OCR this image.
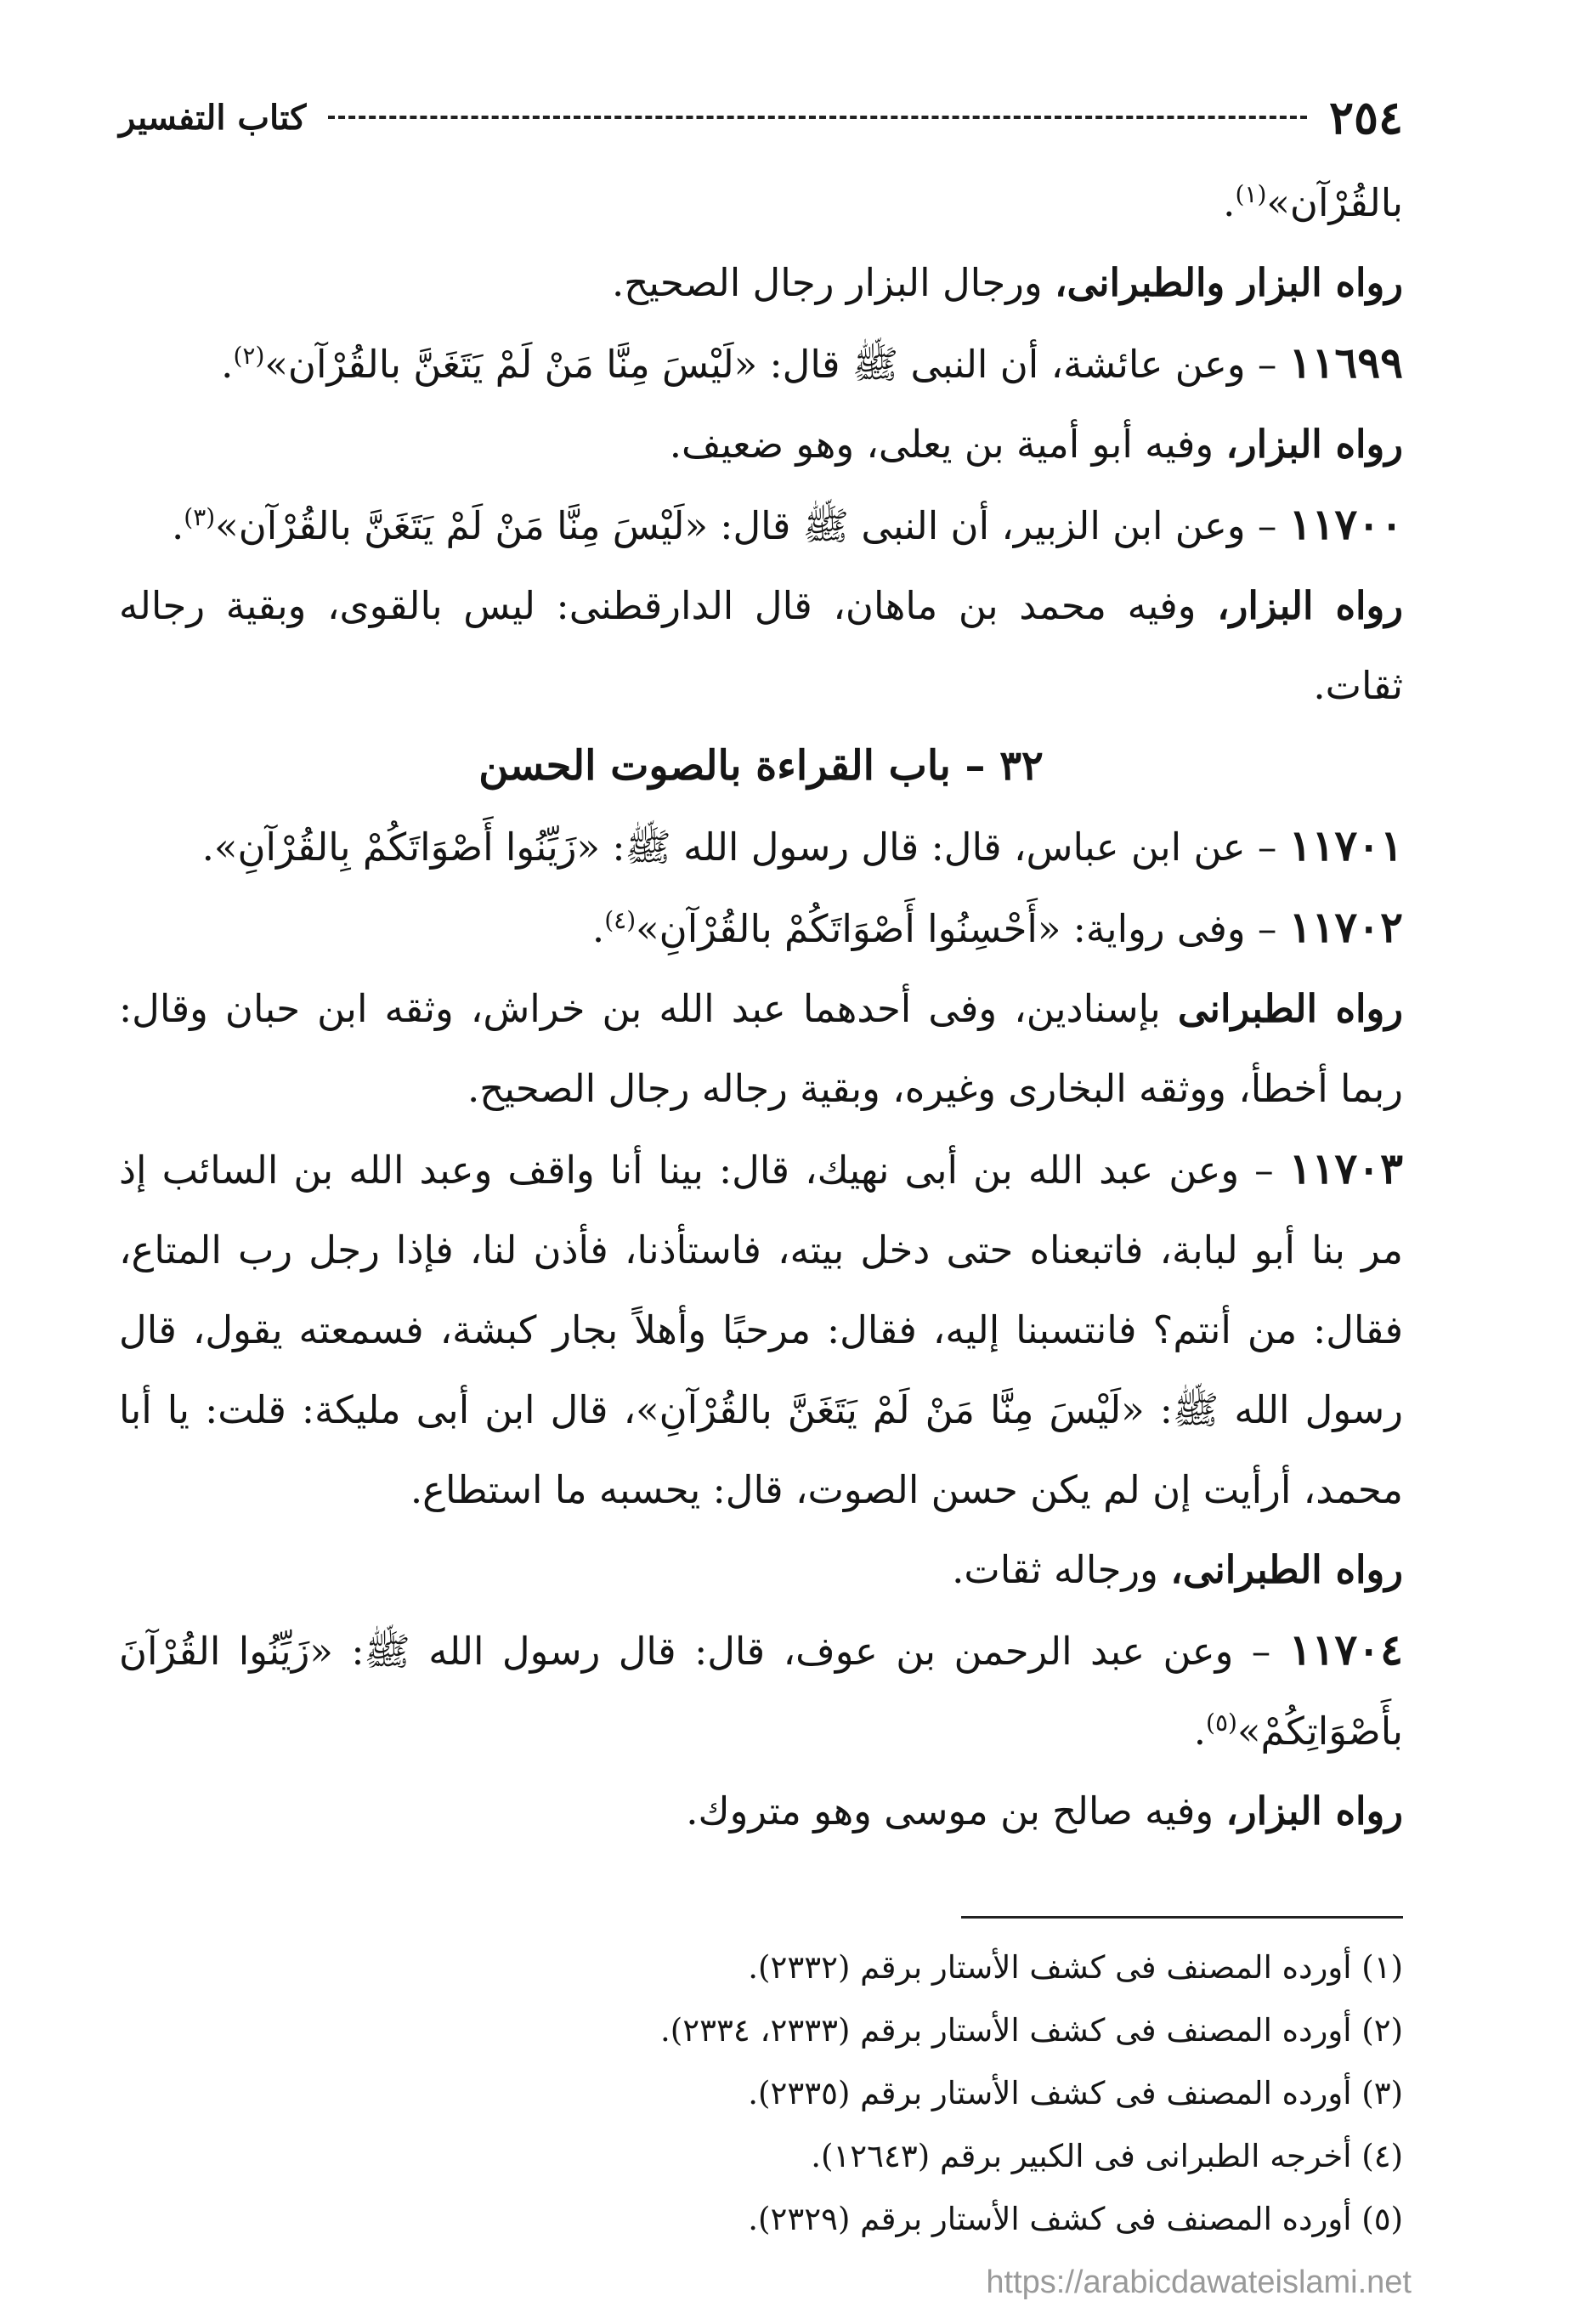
٢٥٤
كتاب التفسير

بالقُرْآن»$^{(١)}$.

رواه البزار والطبرانى، ورجال البزار رجال الصحيح.

١١٦٩٩ – وعن عائشة، أن النبى ﷺ قال: «لَيْسَ مِنَّا مَنْ لَمْ يَتَغَنَّ بالقُرْآن»$^{(٢)}$.

رواه البزار، وفيه أبو أمية بن يعلى، وهو ضعيف.

١١٧٠٠ – وعن ابن الزبير، أن النبى ﷺ قال: «لَيْسَ مِنَّا مَنْ لَمْ يَتَغَنَّ بالقُرْآن»$^{(٣)}$.

رواه البزار، وفيه محمد بن ماهان، قال الدارقطنى: ليس بالقوى، وبقية رجاله ثقات.

٣٢ – باب القراءة بالصوت الحسن

١١٧٠١ – عن ابن عباس، قال: قال رسول الله ﷺ: «زَيِّنُوا أَصْوَاتَكُمْ بِالقُرْآنِ».

١١٧٠٢ – وفى رواية: «أَحْسِنُوا أَصْوَاتَكُمْ بالقُرْآنِ»$^{(٤)}$.

رواه الطبرانى بإسنادين، وفى أحدهما عبد الله بن خراش، وثقه ابن حبان وقال: ربما أخطأ، ووثقه البخارى وغيره، وبقية رجاله رجال الصحيح.

١١٧٠٣ – وعن عبد الله بن أبى نهيك، قال: بينا أنا واقف وعبد الله بن السائب إذ مر بنا أبو لبابة، فاتبعناه حتى دخل بيته، فاستأذنا، فأذن لنا، فإذا رجل رب المتاع، فقال: من أنتم؟ فانتسبنا إليه، فقال: مرحبًا وأهلاً بجار كبشة، فسمعته يقول، قال رسول الله ﷺ: «لَيْسَ مِنَّا مَنْ لَمْ يَتَغَنَّ بالقُرْآنِ»، قال ابن أبى مليكة: قلت: يا أبا محمد، أرأيت إن لم يكن حسن الصوت، قال: يحسبه ما استطاع.

رواه الطبرانى، ورجاله ثقات.

١١٧٠٤ – وعن عبد الرحمن بن عوف، قال: قال رسول الله ﷺ: «زَيِّنُوا القُرْآنَ بأَصْوَاتِكُمْ»$^{(٥)}$.

رواه البزار، وفيه صالح بن موسى وهو متروك.

(١) أورده المصنف فى كشف الأستار برقم (٢٣٣٢).

(٢) أورده المصنف فى كشف الأستار برقم (٢٣٣٣، ٢٣٣٤).

(٣) أورده المصنف فى كشف الأستار برقم (٢٣٣٥).

(٤) أخرجه الطبرانى فى الكبير برقم (١٢٦٤٣).

(٥) أورده المصنف فى كشف الأستار برقم (٢٣٢٩).

https://arabicdawateislami.net
